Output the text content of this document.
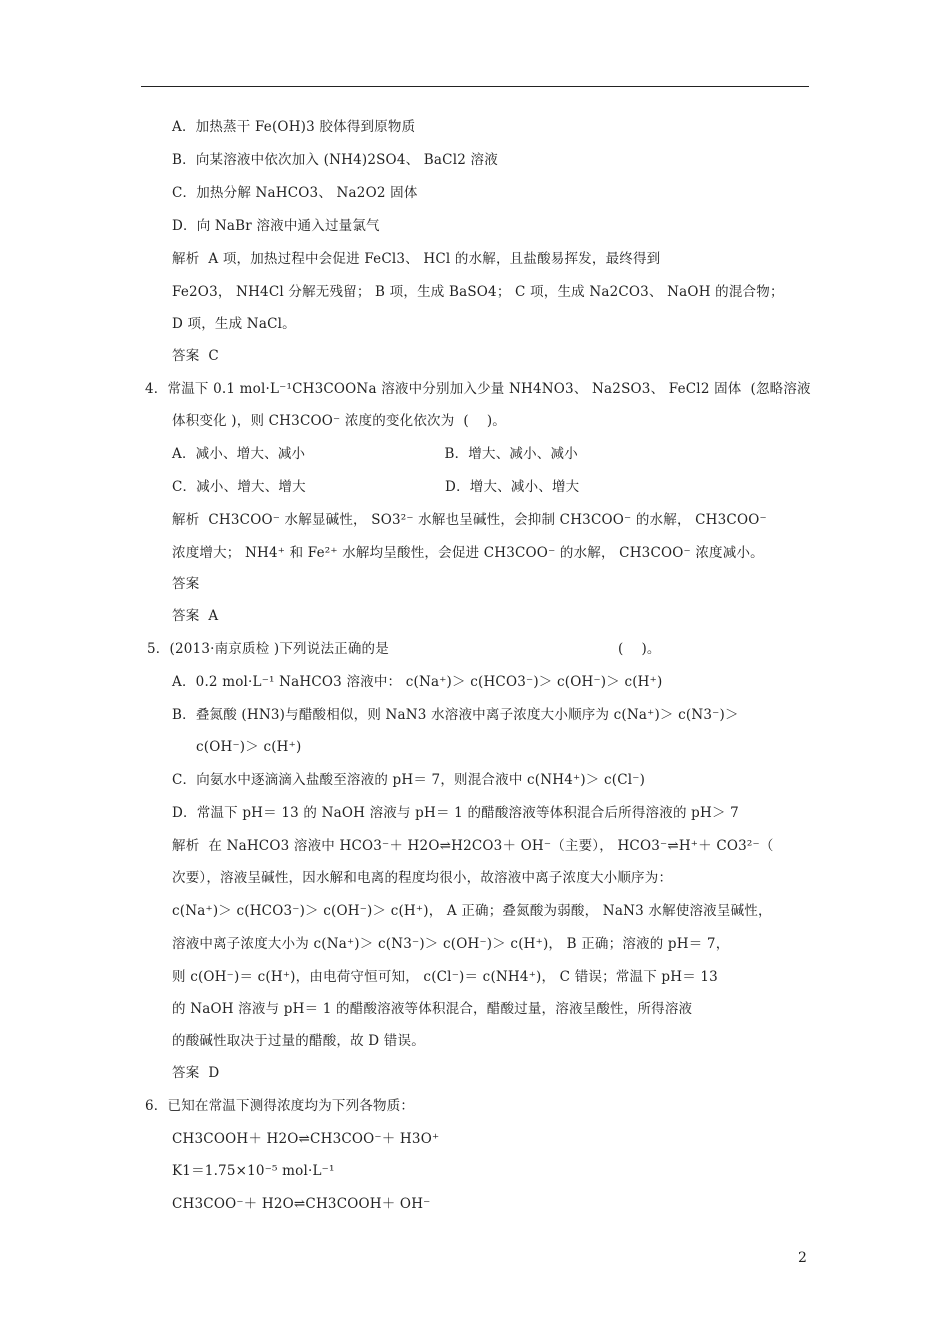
A．加热蒸干 Fe(OH)3 胶体得到原物质
B．向某溶液中依次加入 (NH4)2SO4、 BaCl2 溶液
C．加热分解 NaHCO3、 Na2O2 固体
D．向 NaBr 溶液中通入过量氯气
解析  A 项，加热过程中会促进 FeCl3、 HCl 的水解，且盐酸易挥发，最终得到
Fe2O3， NH4Cl 分解无残留； B 项，生成 BaSO4； C 项，生成 Na2CO3、 NaOH 的混合物；
D 项，生成 NaCl。
答案  C
4．常温下 0.1 mol·L⁻¹CH3COONa 溶液中分别加入少量 NH4NO3、 Na2SO3、 FeCl2 固体  (忽略溶液
体积变化 )，则 CH3COO⁻ 浓度的变化依次为  (    )。
A．减小、增大、减小                               B．增大、减小、减小
C．减小、增大、增大                               D．增大、减小、增大
解析  CH3COO⁻ 水解显碱性， SO3²⁻ 水解也呈碱性，会抑制 CH3COO⁻ 的水解， CH3COO⁻
浓度增大； NH4⁺ 和 Fe²⁺ 水解均呈酸性，会促进 CH3COO⁻ 的水解， CH3COO⁻ 浓度减小。
答案
答案  A
5．(2013·南京质检 )下列说法正确的是                                                   (    )。
A．0.2 mol·L⁻¹ NaHCO3 溶液中： c(Na⁺)＞ c(HCO3⁻)＞ c(OH⁻)＞ c(H⁺)
B．叠氮酸 (HN3)与醋酸相似，则 NaN3 水溶液中离子浓度大小顺序为 c(Na⁺)＞ c(N3⁻)＞
c(OH⁻)＞ c(H⁺)
C．向氨水中逐滴滴入盐酸至溶液的 pH＝ 7，则混合液中 c(NH4⁺)＞ c(Cl⁻)
D．常温下 pH＝ 13 的 NaOH 溶液与 pH＝ 1 的醋酸溶液等体积混合后所得溶液的 pH＞ 7
解析  在 NaHCO3 溶液中 HCO3⁻＋ H2O⇌H2CO3＋ OH⁻（主要）， HCO3⁻⇌H⁺＋ CO3²⁻（
次要），溶液呈碱性，因水解和电离的程度均很小，故溶液中离子浓度大小顺序为：
c(Na⁺)＞ c(HCO3⁻)＞ c(OH⁻)＞ c(H⁺)， A 正确；叠氮酸为弱酸， NaN3 水解使溶液呈碱性，
溶液中离子浓度大小为 c(Na⁺)＞ c(N3⁻)＞ c(OH⁻)＞ c(H⁺)， B 正确；溶液的 pH＝ 7，
则 c(OH⁻)＝ c(H⁺)，由电荷守恒可知， c(Cl⁻)＝ c(NH4⁺)， C 错误；常温下 pH＝ 13
的 NaOH 溶液与 pH＝ 1 的醋酸溶液等体积混合，醋酸过量，溶液呈酸性，所得溶液
的酸碱性取决于过量的醋酸，故 D 错误。
答案  D
6．已知在常温下测得浓度均为下列各物质：
CH3COOH＋ H2O⇌CH3COO⁻＋ H3O⁺
K1＝1.75×10⁻⁵ mol·L⁻¹
CH3COO⁻＋ H2O⇌CH3COOH＋ OH⁻
2
